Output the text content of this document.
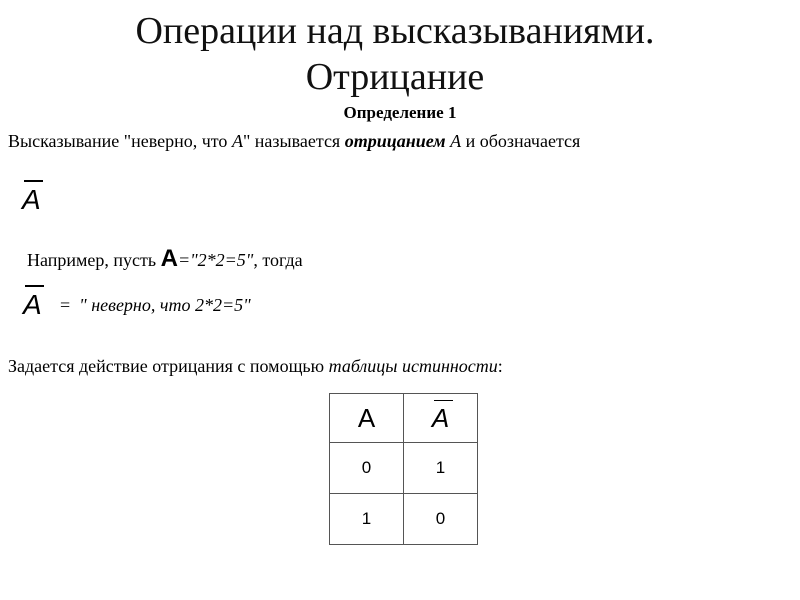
Операции над высказываниями.
Отрицание
Определение 1
Высказывание "неверно, что A" называется отрицанием A и обозначается
A
Например, пусть A="2*2=5", тогда
A = " неверно, что 2*2=5"
Задается действие отрицания с помощью таблицы истинности:
A	A
0	1
1	0
